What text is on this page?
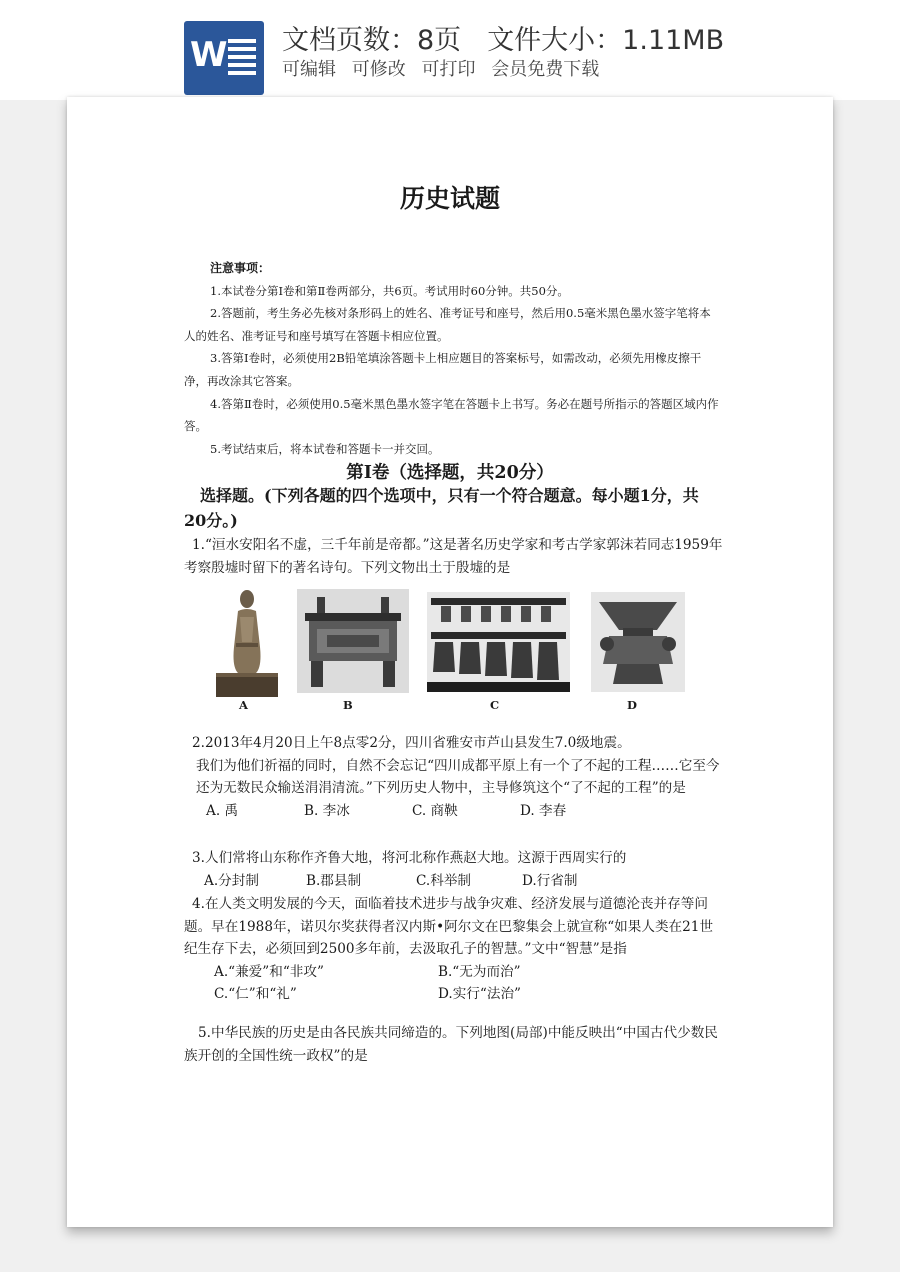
W 文档页数：8页 文件大小：1.11MB
可编辑 可修改 可打印 会员免费下载
历史试题
注意事项：

1.本试卷分第Ⅰ卷和第Ⅱ卷两部分，共6页。考试用时60分钟。共50分。

2.答题前，考生务必先核对条形码上的姓名、准考证号和座号，然后用0.5毫米黑色墨水签字笔将本人的姓名、准考证号和座号填写在答题卡相应位置。

3.答第Ⅰ卷时，必须使用2B铅笔填涂答题卡上相应题目的答案标号，如需改动，必须先用橡皮擦干净，再改涂其它答案。

4.答第Ⅱ卷时，必须使用0.5毫米黑色墨水签字笔在答题卡上书写。务必在题号所指示的答题区域内作答。

5.考试结束后，将本试卷和答题卡一并交回。

第Ⅰ卷（选择题，共20分）

选择题。(下列各题的四个选项中，只有一个符合题意。每小题1分，共20分。)

1.“洹水安阳名不虚，三千年前是帝都。”这是著名历史学家和考古学家郭沫若同志1959年考察殷墟时留下的著名诗句。下列文物出土于殷墟的是

A	B	C	D

2.2013年4月20日上午8点零2分，四川省雅安市芦山县发生7.0级地震。

我们为他们祈福的同时，自然不会忘记“四川成都平原上有一个了不起的工程……它至今还为无数民众输送涓涓清流。”下列历史人物中，主导修筑这个“了不起的工程”的是

A. 禹	B. 李冰	C. 商鞅	D. 李春

3.人们常将山东称作齐鲁大地，将河北称作燕赵大地。这源于西周实行的

A.分封制	B.郡县制	C.科举制	D.行省制

4.在人类文明发展的今天，面临着技术进步与战争灾难、经济发展与道德沦丧并存等问题。早在1988年，诺贝尔奖获得者汉内斯•阿尔文在巴黎集会上就宣称“如果人类在21世纪生存下去，必须回到2500多年前，去汲取孔子的智慧。”文中“智慧”是指

A.“兼爱”和“非攻”	B.“无为而治”
C.“仁”和“礼”	D.实行“法治”

5.中华民族的历史是由各民族共同缔造的。下列地图(局部)中能反映出“中国古代少数民族开创的全国性统一政权”的是
